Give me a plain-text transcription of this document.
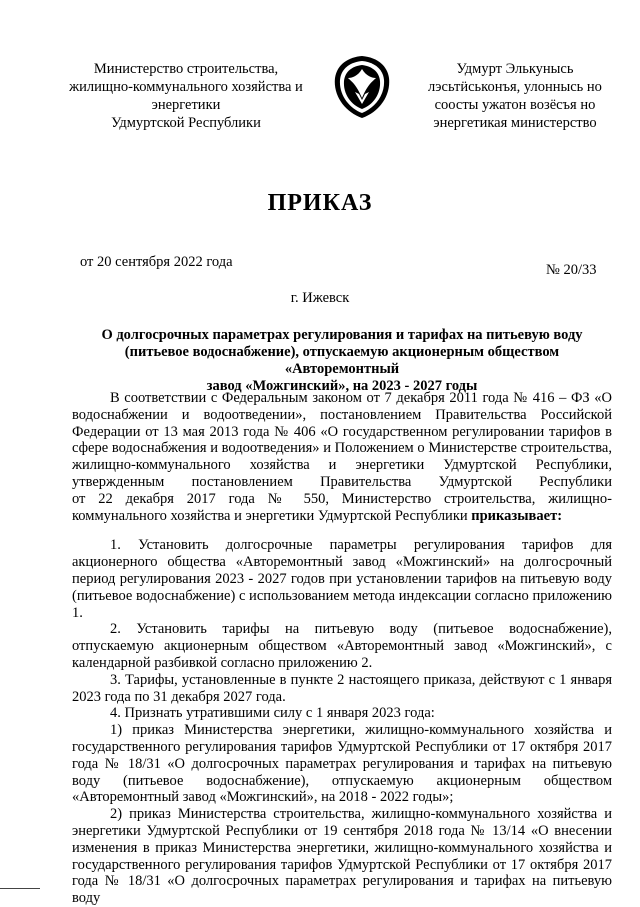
Министерство строительства,
жилищно-коммунального хозяйства и
энергетики
Удмуртской Республики
Удмурт Элькунысь
лэсьтӥськонъя, улоннысь но
соосты ужатон возёсъя но
энергетикая министерство
ПРИКАЗ
от 20 сентября 2022 года	№ 20/33
г. Ижевск
О долгосрочных параметрах регулирования и тарифах на питьевую воду
(питьевое водоснабжение), отпускаемую акционерным обществом «Авторемонтный
завод «Можгинский», на 2023 - 2027 годы

В соответствии с Федеральным законом от 7 декабря 2011 года № 416 – ФЗ «О водоснабжении и водоотведении», постановлением Правительства Российской Федерации от 13 мая 2013 года № 406 «О государственном регулировании тарифов в сфере водоснабжения и водоотведения» и Положением о Министерстве строительства, жилищно-коммунального хозяйства и энергетики Удмуртской Республики, утвержденным постановлением Правительства Удмуртской Республики

от 22 декабря 2017 года № 550, Министерство строительства, жилищно-коммунального хозяйства и энергетики Удмуртской Республики приказывает:

1. Установить долгосрочные параметры регулирования тарифов для акционерного общества «Авторемонтный завод «Можгинский» на долгосрочный период регулирования 2023 - 2027 годов при установлении тарифов на питьевую воду (питьевое водоснабжение) с использованием метода индексации согласно приложению 1.

2. Установить тарифы на питьевую воду (питьевое водоснабжение), отпускаемую акционерным обществом «Авторемонтный завод «Можгинский», с календарной разбивкой согласно приложению 2.

3. Тарифы, установленные в пункте 2 настоящего приказа, действуют с 1 января 2023 года по 31 декабря 2027 года.

4. Признать утратившими силу с 1 января 2023 года:

1) приказ Министерства энергетики, жилищно-коммунального хозяйства и государственного регулирования тарифов Удмуртской Республики от 17 октября 2017 года № 18/31 «О долгосрочных параметрах регулирования и тарифах на питьевую воду (питьевое водоснабжение), отпускаемую акционерным обществом «Авторемонтный завод «Можгинский», на 2018 - 2022 годы»;

2) приказ Министерства строительства, жилищно-коммунального хозяйства и энергетики Удмуртской Республики от 19 сентября 2018 года № 13/14 «О внесении изменения в приказ Министерства энергетики, жилищно-коммунального хозяйства и государственного регулирования тарифов Удмуртской Республики от 17 октября 2017 года № 18/31 «О долгосрочных параметрах регулирования и тарифах на питьевую воду
